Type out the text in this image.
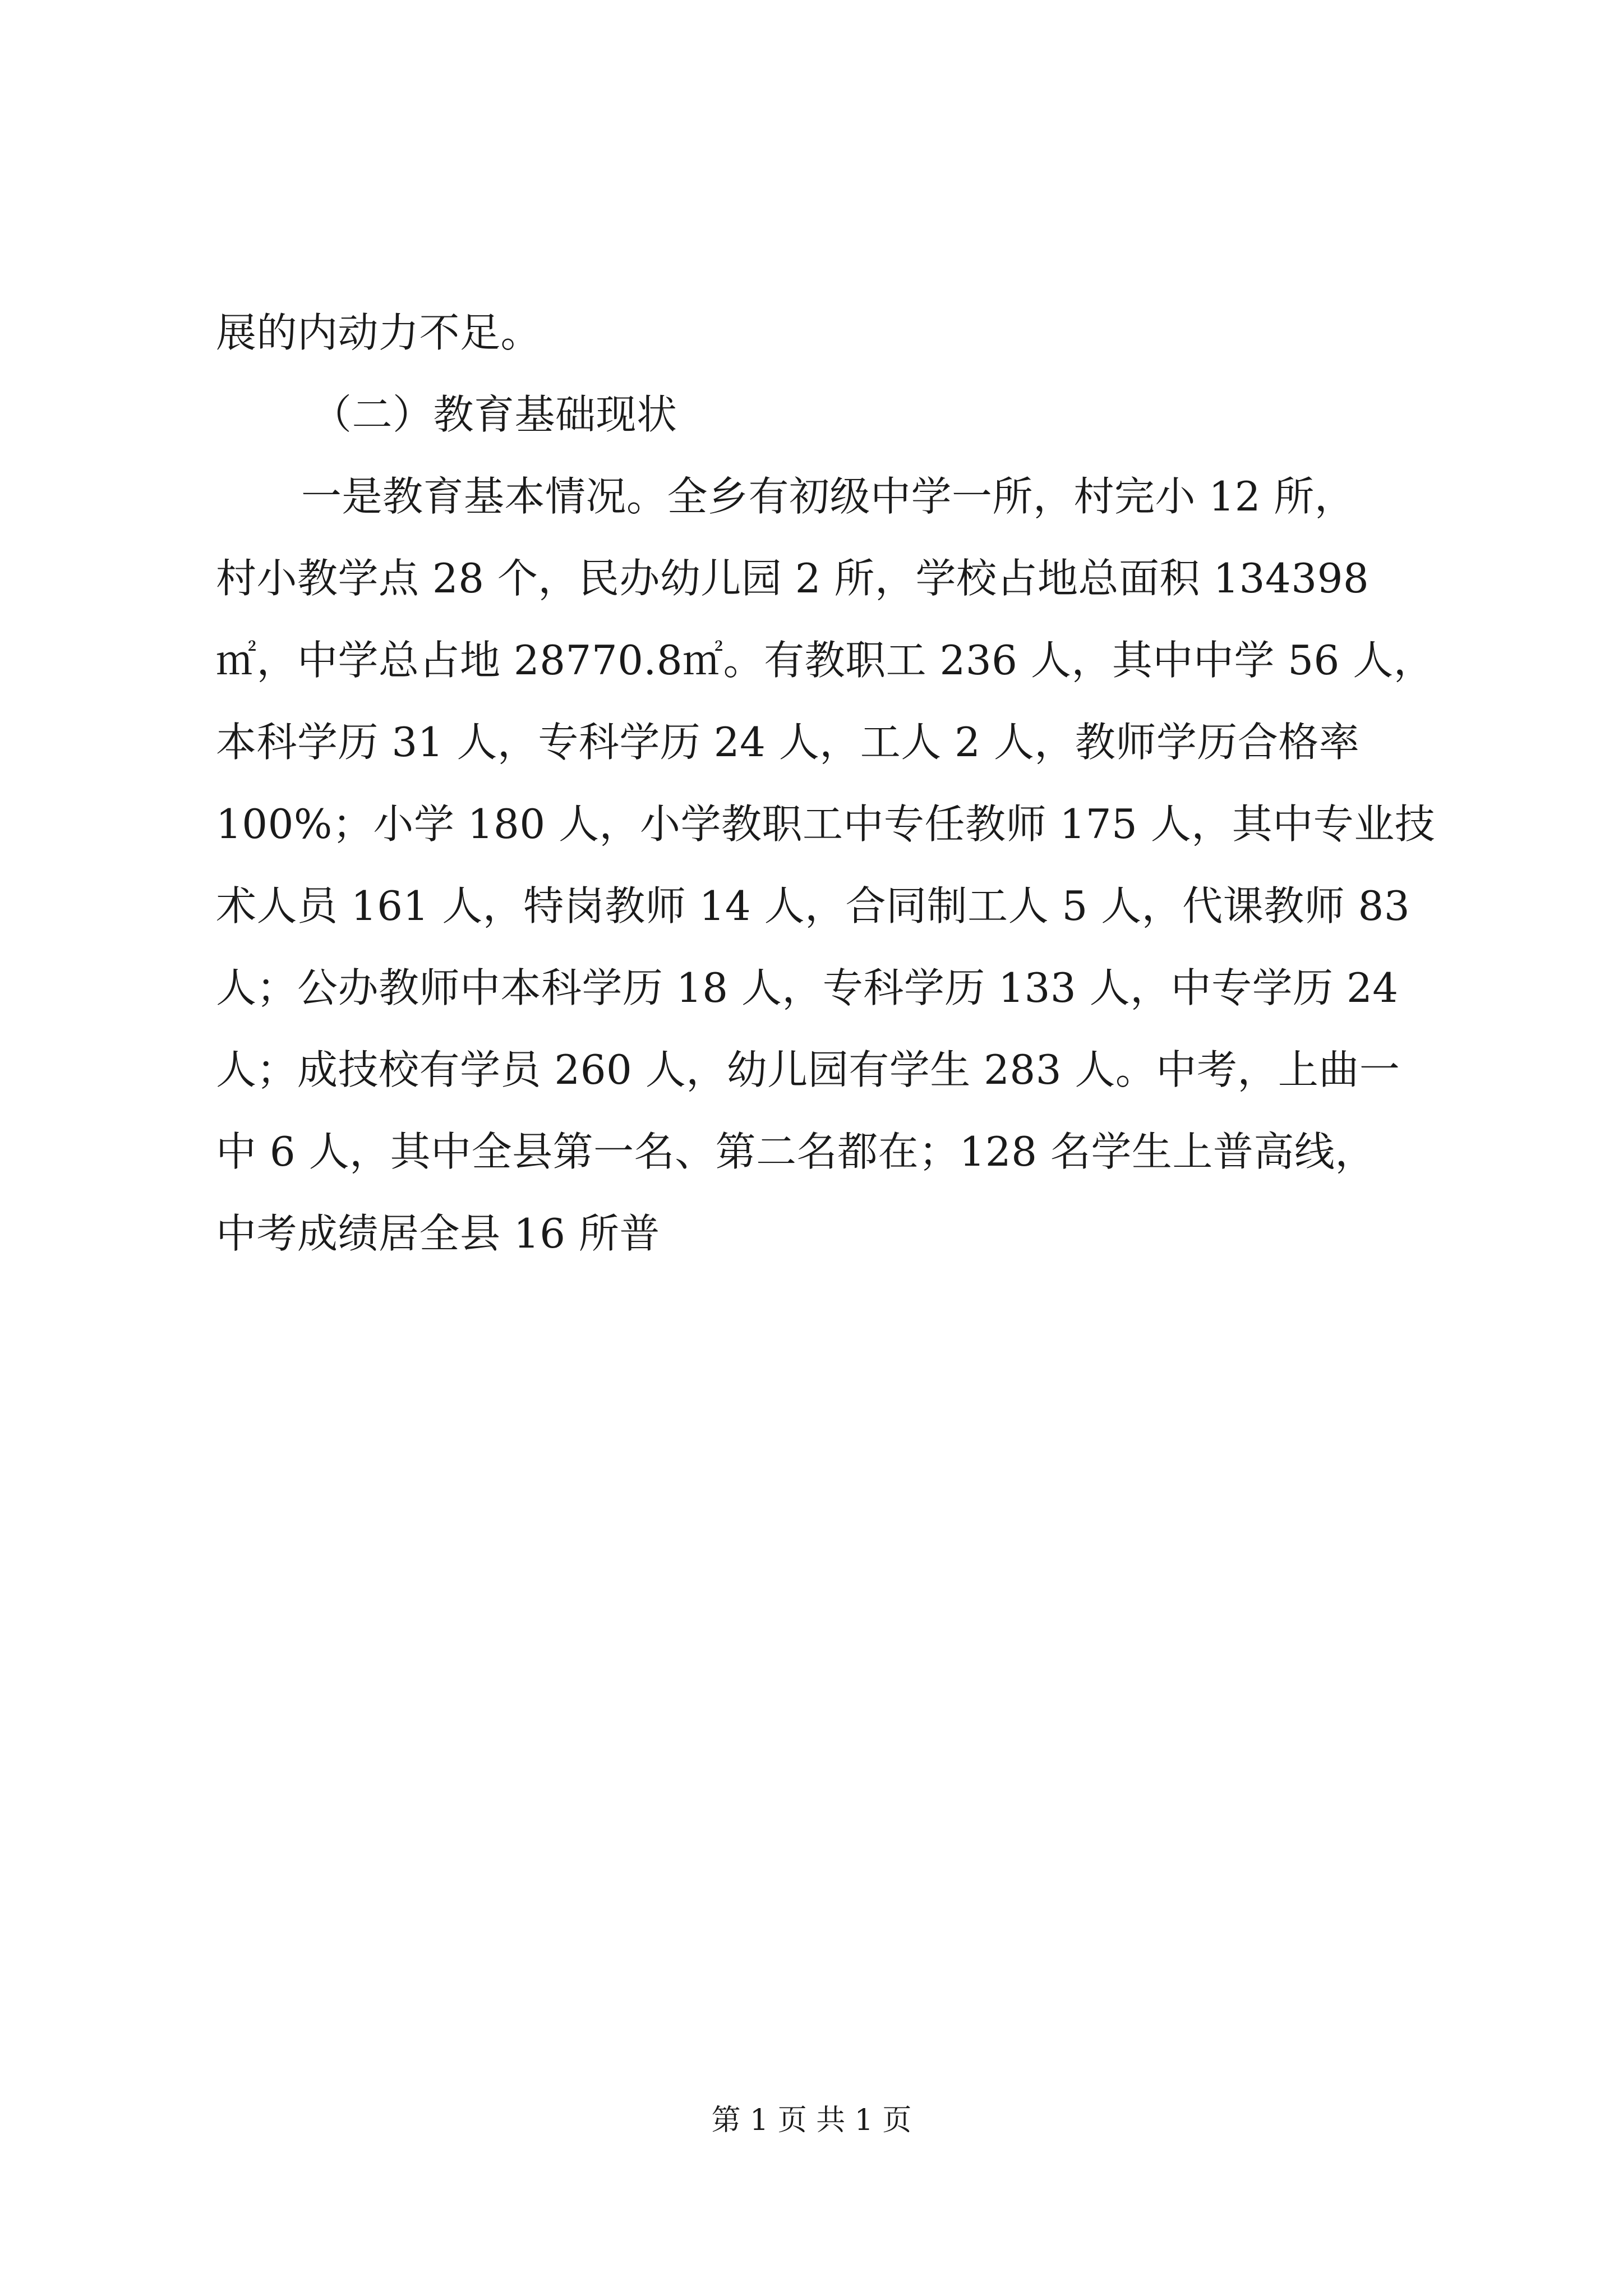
展的内动力不足。
（二）教育基础现状
一是教育基本情况。全乡有初级中学一所，村完小 12 所，
村小教学点 28 个，民办幼儿园 2 所，学校占地总面积 134398
㎡，中学总占地 28770.8㎡。有教职工 236 人，其中中学 56 人，
本科学历 31 人，专科学历 24 人，工人 2 人，教师学历合格率
100%；小学 180 人，小学教职工中专任教师 175 人，其中专业技
术人员 161 人，特岗教师 14 人，合同制工人 5 人，代课教师 83
人；公办教师中本科学历 18 人，专科学历 133 人，中专学历 24
人；成技校有学员 260 人，幼儿园有学生 283 人。中考，上曲一
中 6 人，其中全县第一名、第二名都在；128 名学生上普高线，
中考成绩居全县 16 所普
第 1 页 共 1 页
